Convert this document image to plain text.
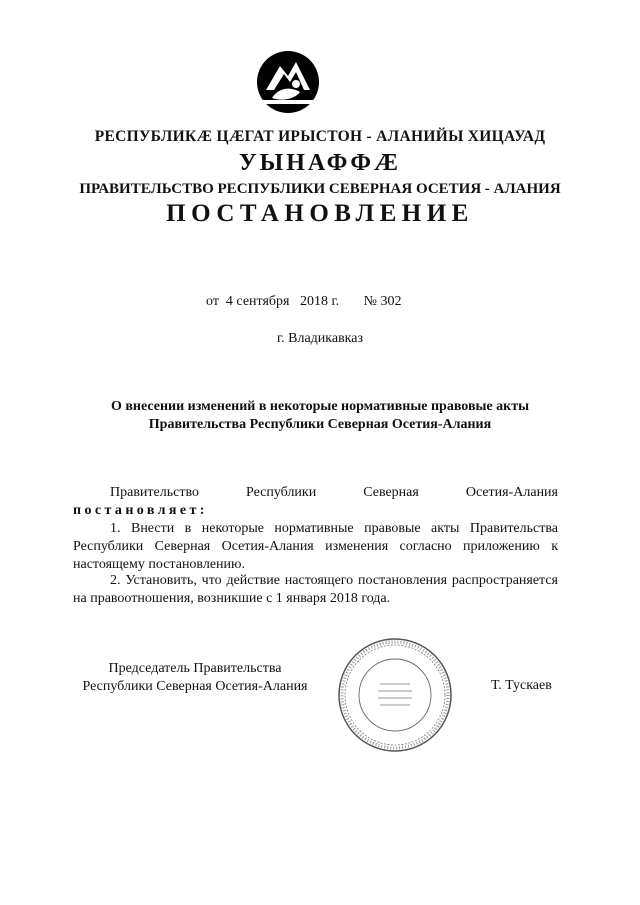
РЕСПУБЛИКӔ ЦӔГАТ ИРЫСТОН - АЛАНИЙЫ ХИЦАУАД
УЫНАФФӔ
ПРАВИТЕЛЬСТВО РЕСПУБЛИКИ СЕВЕРНАЯ ОСЕТИЯ - АЛАНИЯ
ПОСТАНОВЛЕНИЕ
от  4 сентября   2018 г.       № 302
г. Владикавказ
О внесении изменений в некоторые нормативные правовые акты
Правительства Республики Северная Осетия-Алания
Правительство Республики Северная Осетия-Алания
постановляет:
1. Внести в некоторые нормативные правовые акты Правительства Республики Северная Осетия-Алания изменения согласно приложению к настоящему постановлению.
2. Установить, что действие настоящего постановления распространяется на правоотношения, возникшие с 1 января 2018 года.
Председатель Правительства
Республики Северная Осетия-Алания	Т. Тускаев
